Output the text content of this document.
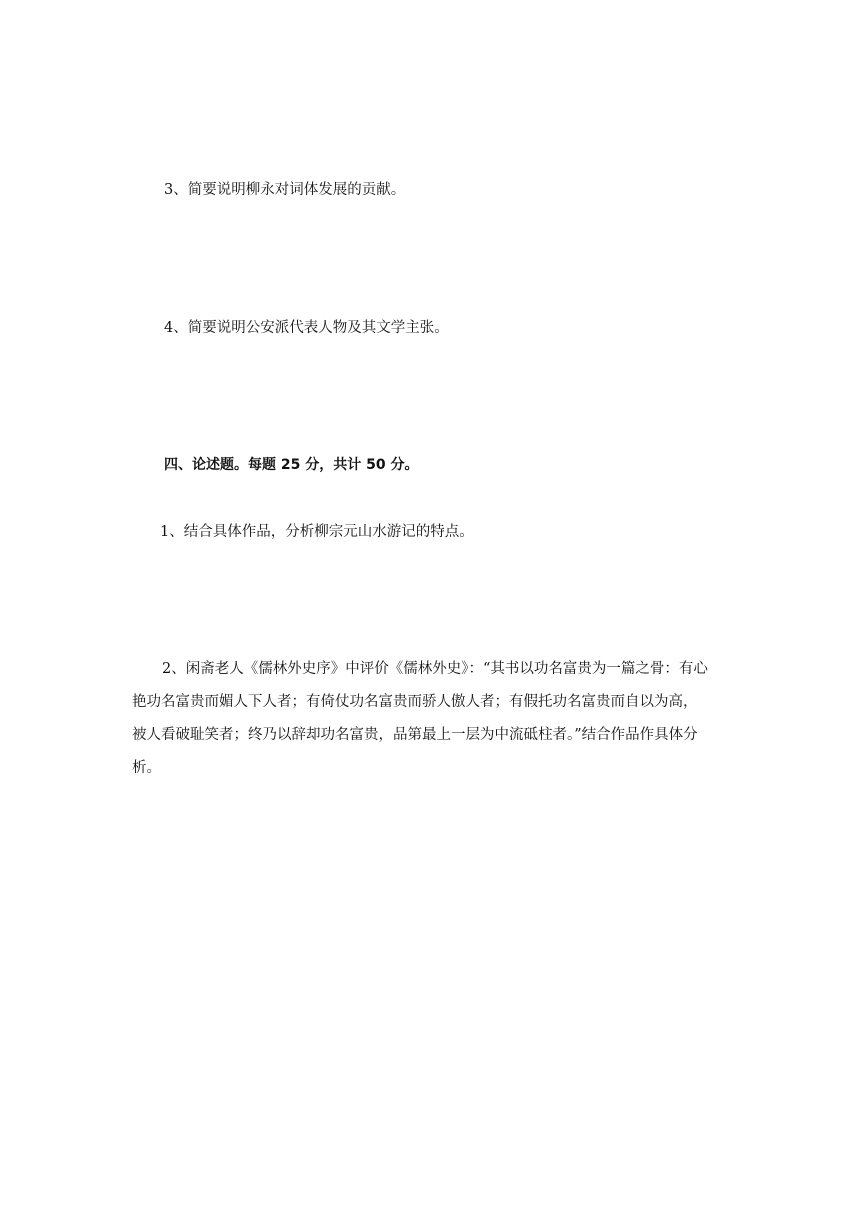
3、简要说明柳永对词体发展的贡献。
4、简要说明公安派代表人物及其文学主张。
四、论述题。每题 25 分，共计 50 分。
1、结合具体作品，分析柳宗元山水游记的特点。
2、闲斋老人《儒林外史序》中评价《儒林外史》：“其书以功名富贵为一篇之骨：有心
艳功名富贵而媚人下人者；有倚仗功名富贵而骄人傲人者；有假托功名富贵而自以为高，
被人看破耻笑者；终乃以辞却功名富贵，品第最上一层为中流砥柱者。”结合作品作具体分
析。
